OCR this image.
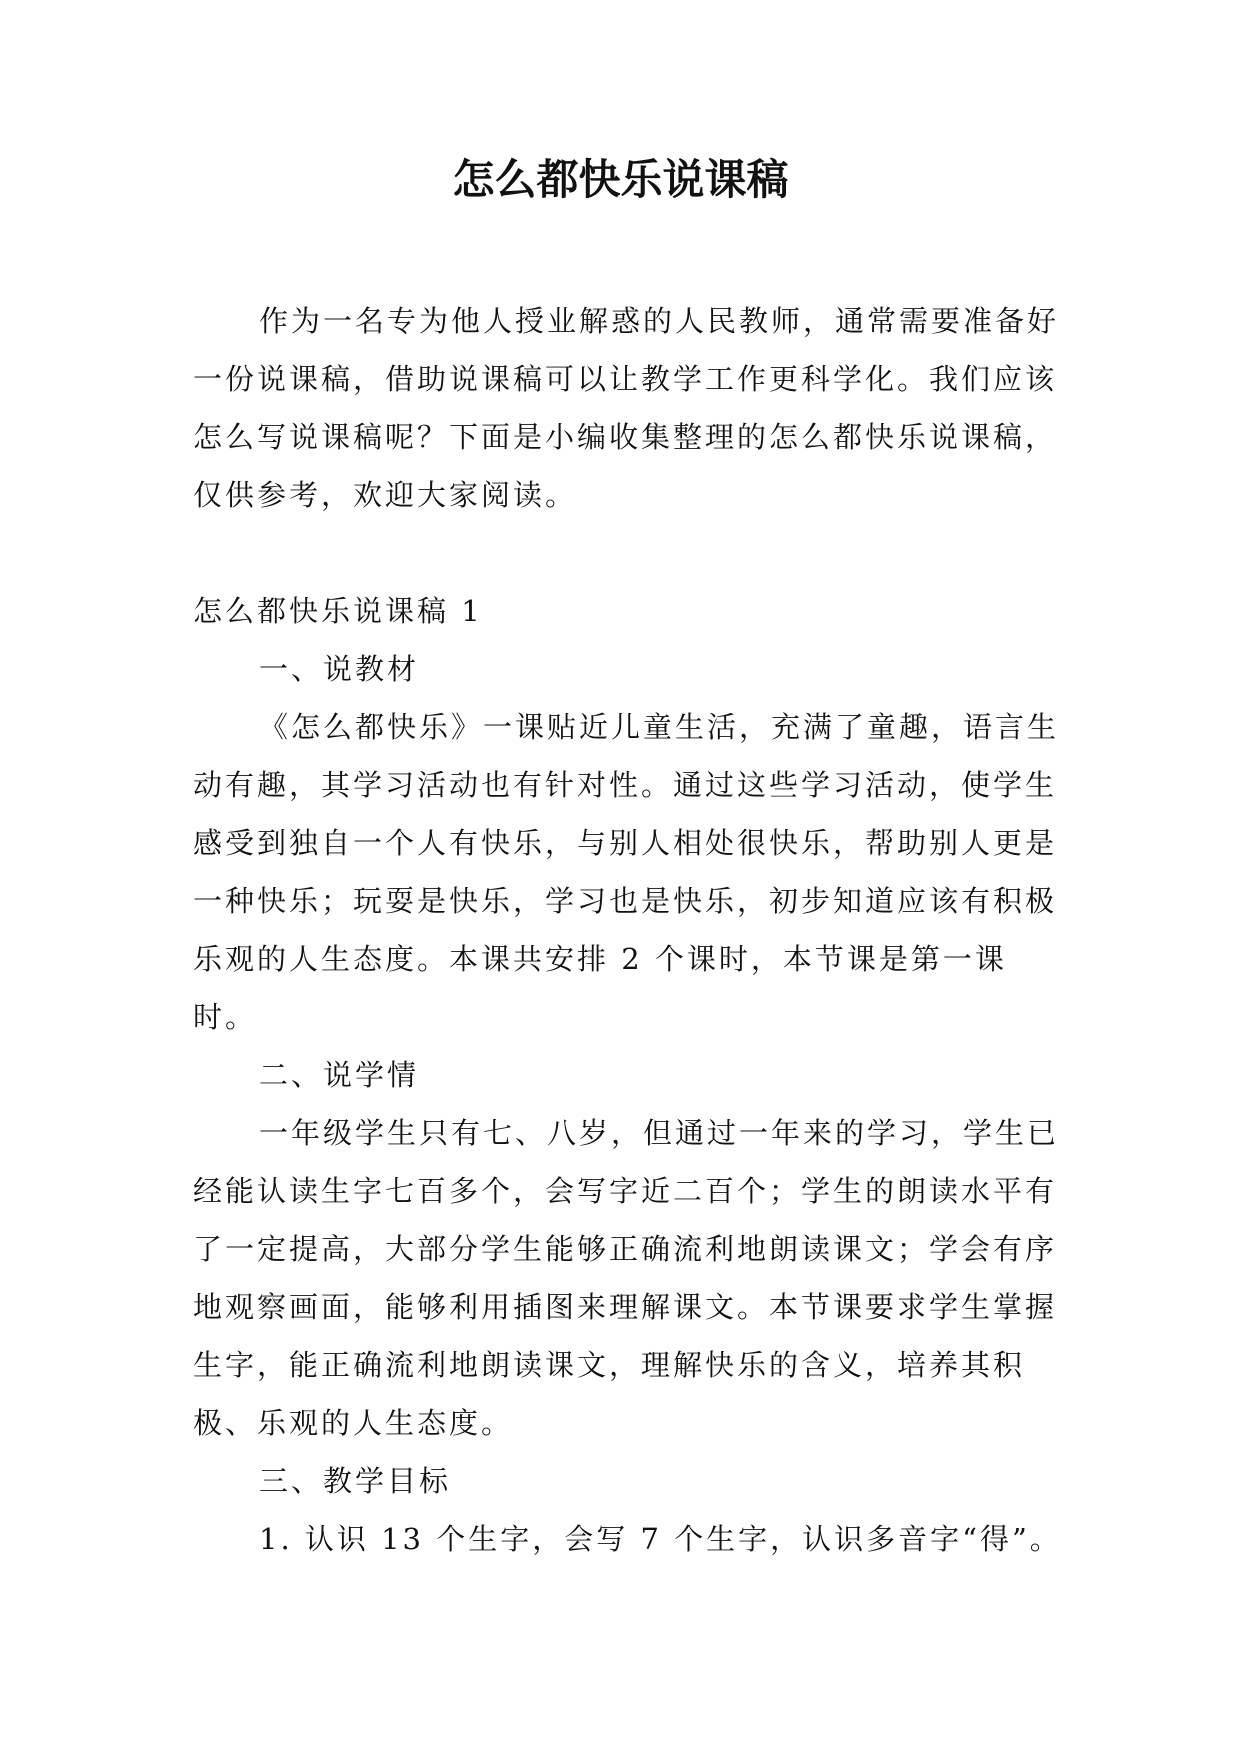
怎么都快乐说课稿

作为一名专为他人授业解惑的人民教师，通常需要准备好一份说课稿，借助说课稿可以让教学工作更科学化。我们应该怎么写说课稿呢？下面是小编收集整理的怎么都快乐说课稿，仅供参考，欢迎大家阅读。

怎么都快乐说课稿 1

一、说教材

《怎么都快乐》一课贴近儿童生活，充满了童趣，语言生动有趣，其学习活动也有针对性。通过这些学习活动，使学生感受到独自一个人有快乐，与别人相处很快乐，帮助别人更是一种快乐；玩耍是快乐，学习也是快乐，初步知道应该有积极乐观的人生态度。本课共安排 2 个课时，本节课是第一课时。

二、说学情

一年级学生只有七、八岁，但通过一年来的学习，学生已经能认读生字七百多个，会写字近二百个；学生的朗读水平有了一定提高，大部分学生能够正确流利地朗读课文；学会有序地观察画面，能够利用插图来理解课文。本节课要求学生掌握生字，能正确流利地朗读课文，理解快乐的含义，培养其积极、乐观的人生态度。

三、教学目标

1. 认识 13 个生字，会写 7 个生字，认识多音字“得”。
